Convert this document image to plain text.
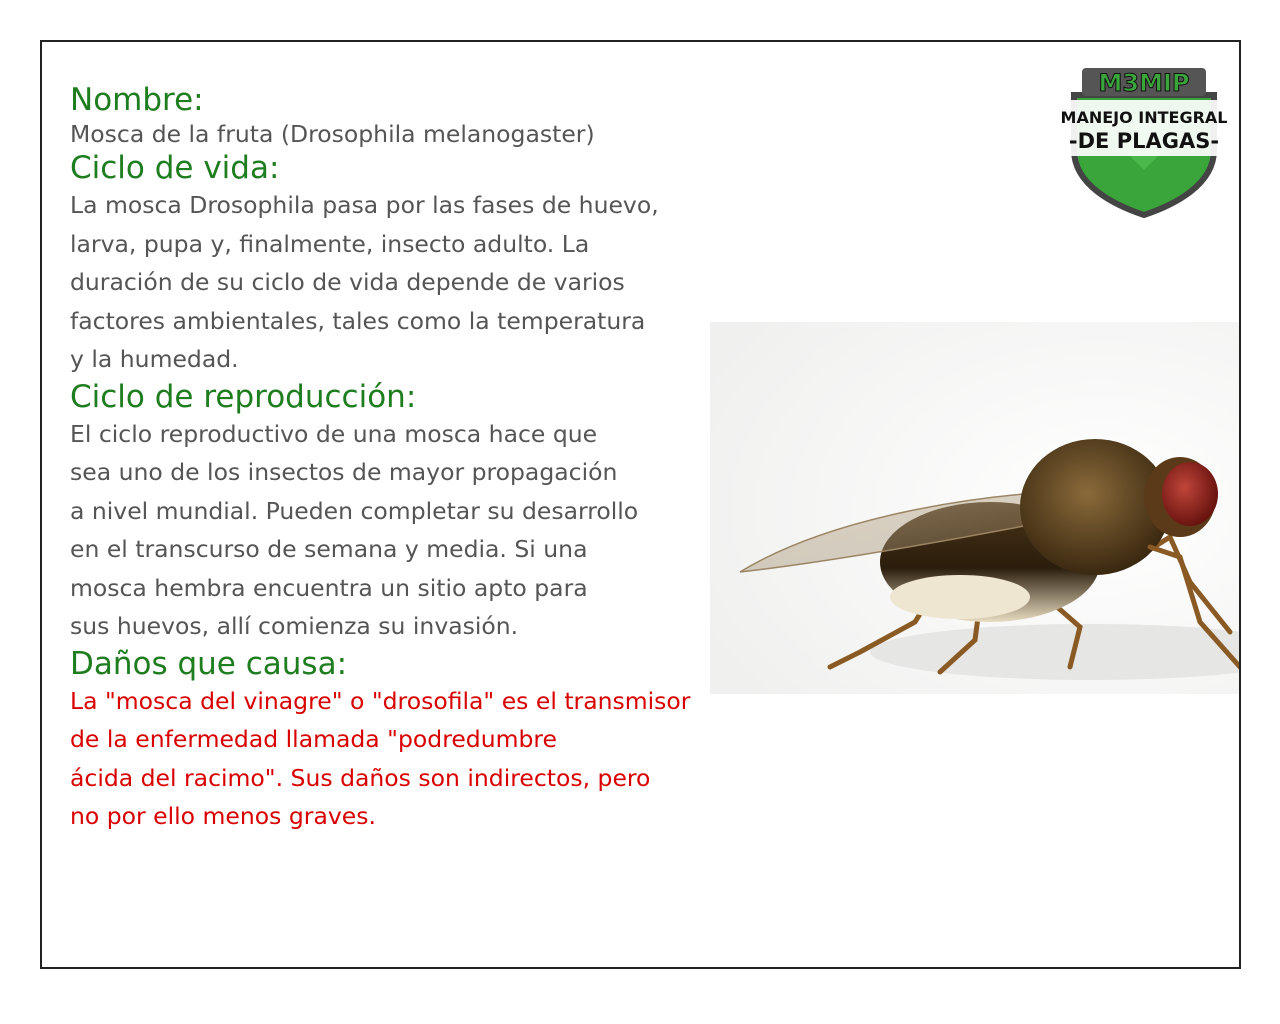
M3MIP
MANEJO INTEGRAL
-DE PLAGAS-
Nombre:

Mosca de la fruta (Drosophila melanogaster)

Ciclo de vida:

La mosca Drosophila pasa por las fases de huevo,

larva, pupa y, finalmente, insecto adulto. La

duración de su ciclo de vida depende de varios

factores ambientales, tales como la temperatura

y la humedad.

Ciclo de reproducción:

El ciclo reproductivo de una mosca hace que

sea uno de los insectos de mayor propagación

a nivel mundial. Pueden completar su desarrollo

en el transcurso de semana y media. Si una

mosca hembra encuentra un sitio apto para

sus huevos, allí comienza su invasión.

Daños que causa:

La "mosca del vinagre" o "drosofila" es el transmisor

de la enfermedad llamada "podredumbre

ácida del racimo". Sus daños son indirectos, pero

no por ello menos graves.
